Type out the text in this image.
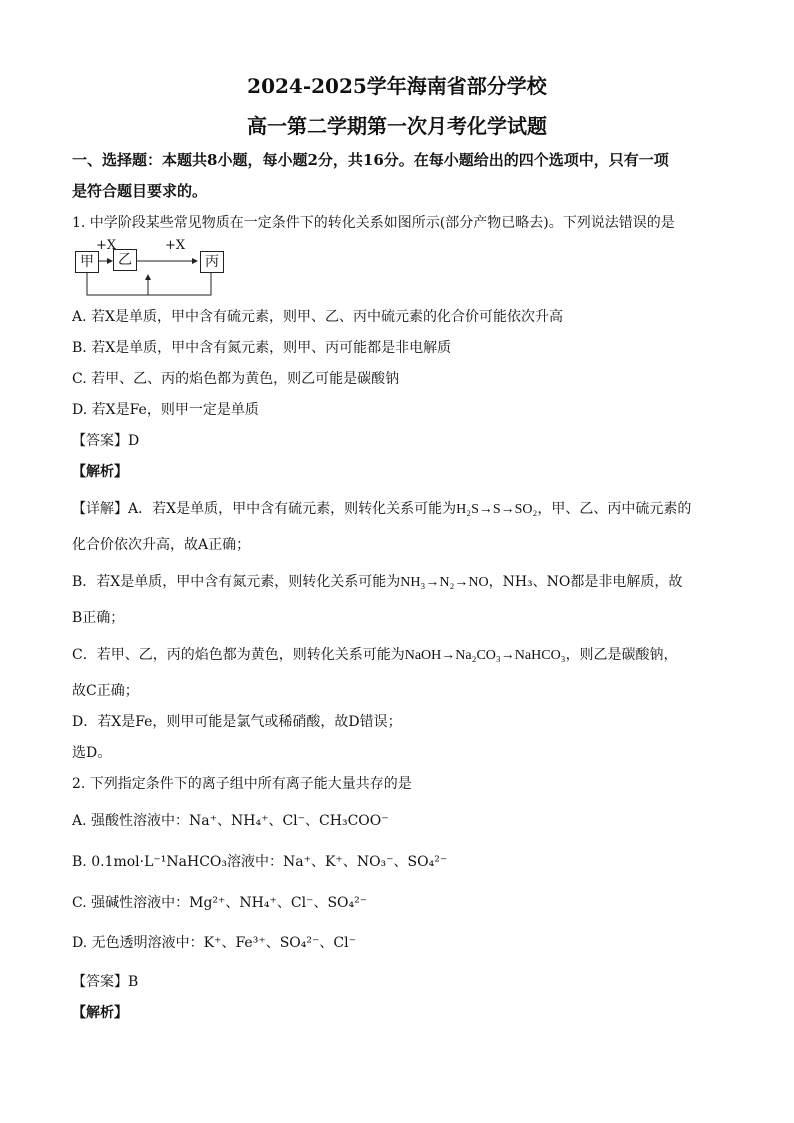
2024-2025学年海南省部分学校
高一第二学期第一次月考化学试题
一、选择题：本题共8小题，每小题2分，共16分。在每小题给出的四个选项中，只有一项
是符合题目要求的。
1. 中学阶段某些常见物质在一定条件下的转化关系如图所示(部分产物已略去)。下列说法错误的是
甲	乙	丙
+X	+X
A. 若X是单质，甲中含有硫元素，则甲、乙、丙中硫元素的化合价可能依次升高
B. 若X是单质，甲中含有氮元素，则甲、丙可能都是非电解质
C. 若甲、乙、丙的焰色都为黄色，则乙可能是碳酸钠
D. 若X是Fe，则甲一定是单质
【答案】D
【解析】
【详解】A．若X是单质，甲中含有硫元素，则转化关系可能为H₂S→S→SO₂，甲、乙、丙中硫元素的
化合价依次升高，故A正确；
B．若X是单质，甲中含有氮元素，则转化关系可能为NH₃→N₂→NO，NH₃、NO都是非电解质，故
B正确；
C．若甲、乙，丙的焰色都为黄色，则转化关系可能为NaOH→Na₂CO₃→NaHCO₃，则乙是碳酸钠，
故C正确；
D．若X是Fe，则甲可能是氯气或稀硝酸，故D错误；
选D。
2. 下列指定条件下的离子组中所有离子能大量共存的是
A. 强酸性溶液中：Na⁺、NH₄⁺、Cl⁻、CH₃COO⁻
B. 0.1mol·L⁻¹NaHCO₃溶液中：Na⁺、K⁺、NO₃⁻、SO₄²⁻
C. 强碱性溶液中：Mg²⁺、NH₄⁺、Cl⁻、SO₄²⁻
D. 无色透明溶液中：K⁺、Fe³⁺、SO₄²⁻、Cl⁻
【答案】B
【解析】
